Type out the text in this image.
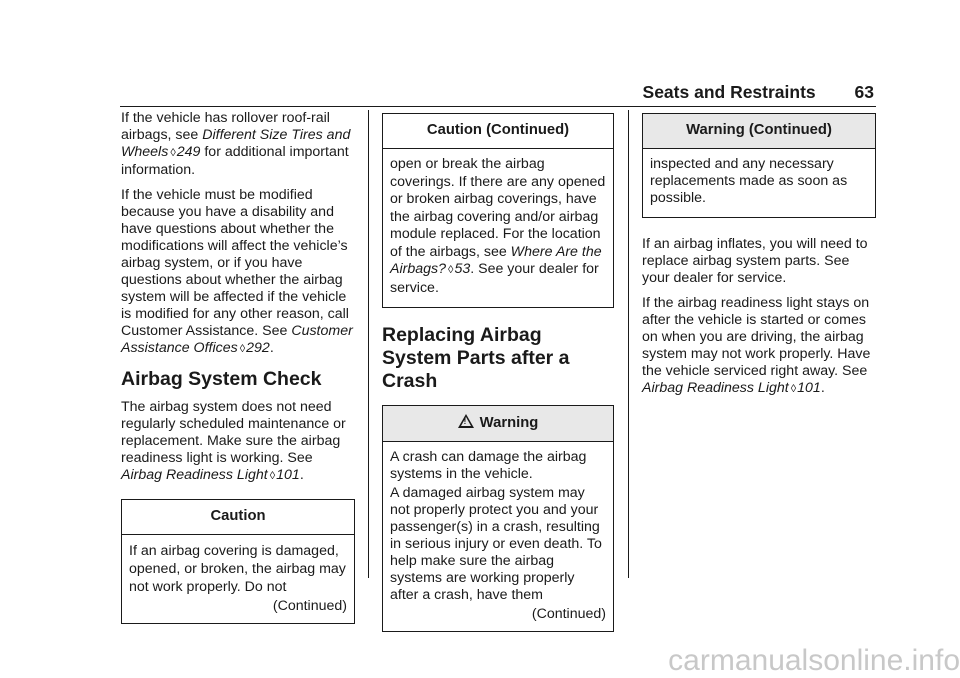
Seats and Restraints 63

If the vehicle has rollover roof-rail airbags, see Different Size Tires and Wheels ◊249 for additional important information.

If the vehicle must be modified because you have a disability and have questions about whether the modifications will affect the vehicle’s airbag system, or if you have questions about whether the airbag system will be affected if the vehicle is modified for any other reason, call Customer Assistance. See Customer Assistance Offices ◊292.

Airbag System Check

The airbag system does not need regularly scheduled maintenance or replacement. Make sure the airbag readiness light is working. See Airbag Readiness Light ◊101.

Caution

If an airbag covering is damaged, opened, or broken, the airbag may not work properly. Do not

(Continued)
Caution (Continued)

open or break the airbag coverings. If there are any opened or broken airbag coverings, have the airbag covering and/or airbag module replaced. For the location of the airbags, see Where Are the Airbags? ◊53. See your dealer for service.

Replacing Airbag System Parts after a Crash
!Warning

A crash can damage the airbag systems in the vehicle.

A damaged airbag system may not properly protect you and your passenger(s) in a crash, resulting in serious injury or even death. To help make sure the airbag systems are working properly after a crash, have them

(Continued)
Warning (Continued)

inspected and any necessary replacements made as soon as possible.

If an airbag inflates, you will need to replace airbag system parts. See your dealer for service.

If the airbag readiness light stays on after the vehicle is started or comes on when you are driving, the airbag system may not work properly. Have the vehicle serviced right away. See Airbag Readiness Light ◊101.

carmanualsonline.info
